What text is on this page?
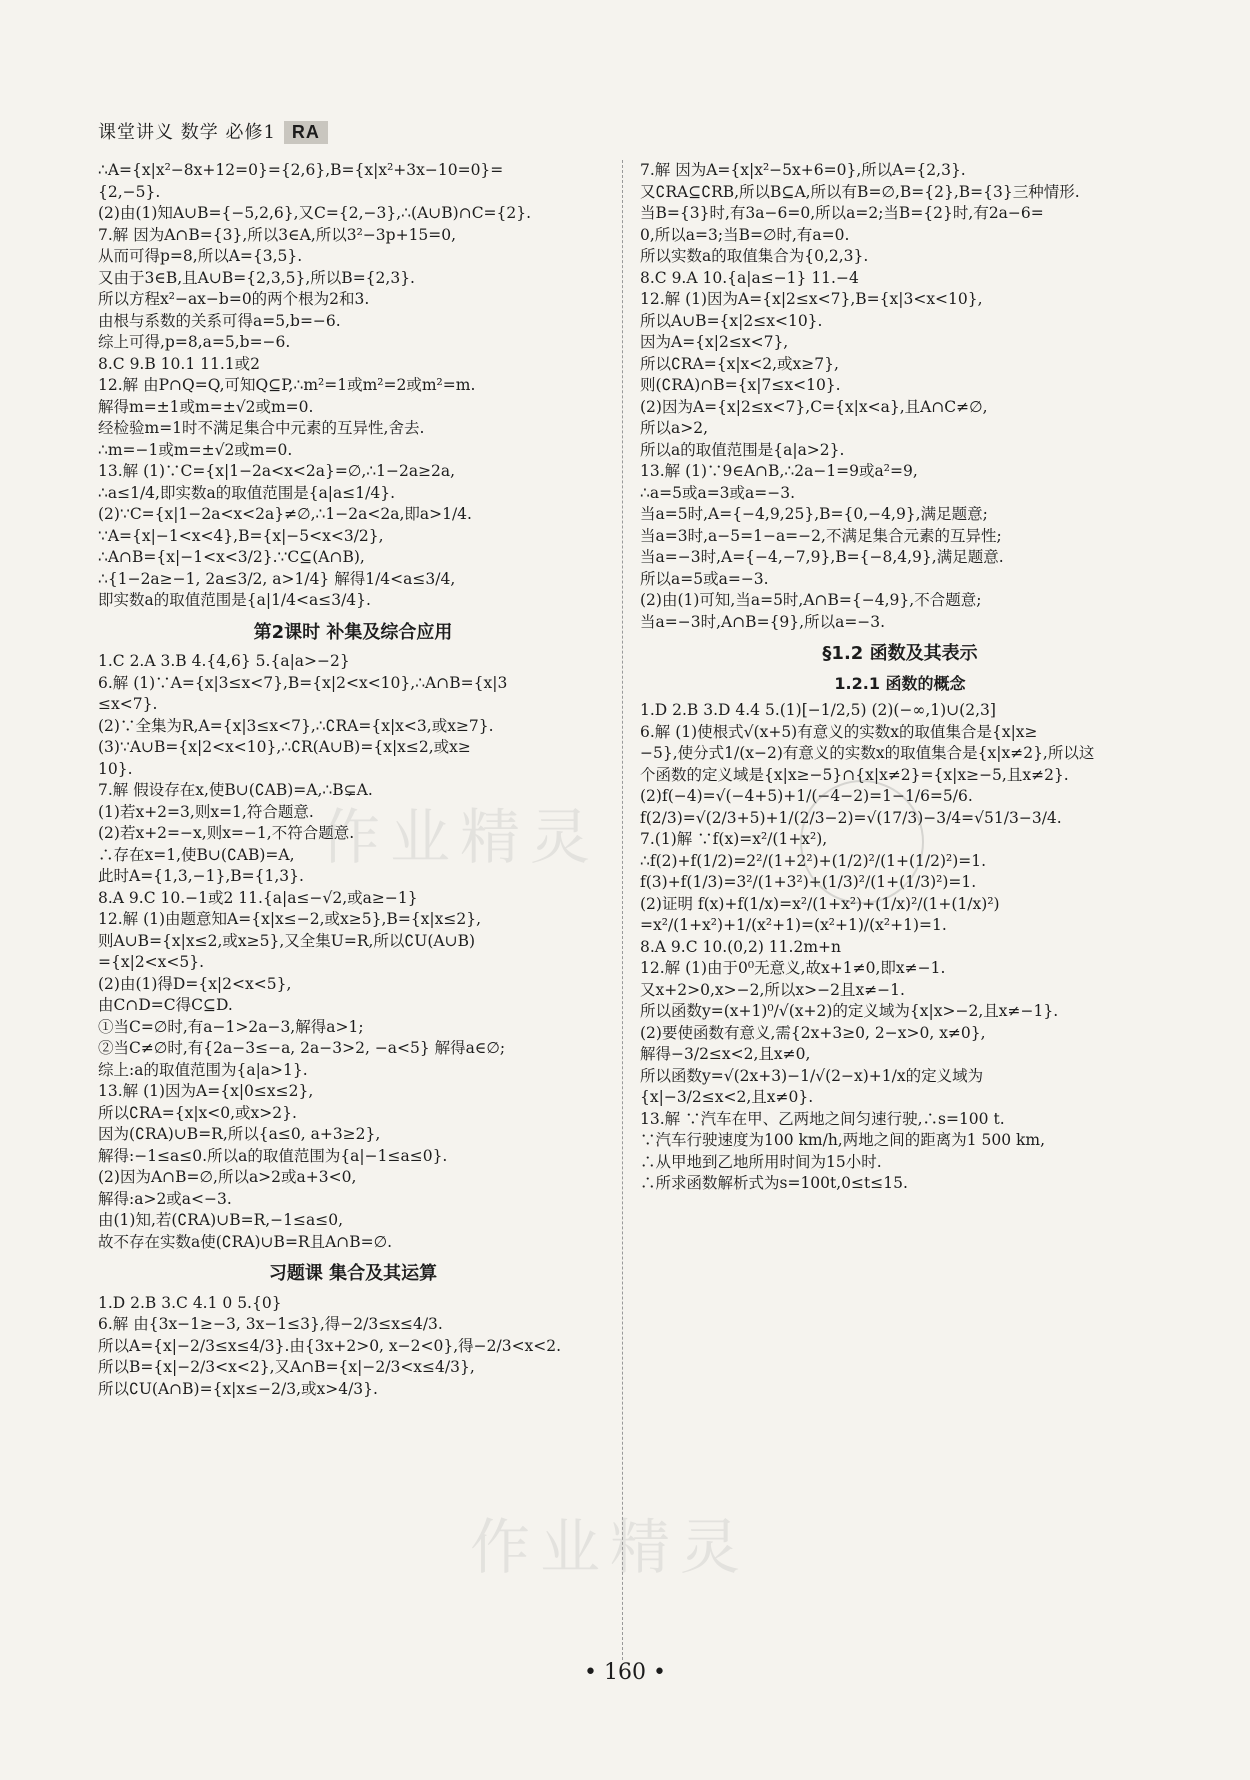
课堂讲义 数学 必修1 RA
∴A={x|x²−8x+12=0}={2,6},B={x|x²+3x−10=0}=
{2,−5}.
(2)由(1)知A∪B={−5,2,6},又C={2,−3},∴(A∪B)∩C={2}.
7.解 因为A∩B={3},所以3∈A,所以3²−3p+15=0,
从而可得p=8,所以A={3,5}.
又由于3∈B,且A∪B={2,3,5},所以B={2,3}.
所以方程x²−ax−b=0的两个根为2和3.
由根与系数的关系可得a=5,b=−6.
综上可得,p=8,a=5,b=−6.
8.C 9.B 10.1 11.1或2
12.解 由P∩Q=Q,可知Q⊆P,∴m²=1或m²=2或m²=m.
解得m=±1或m=±√2或m=0.
经检验m=1时不满足集合中元素的互异性,舍去.
∴m=−1或m=±√2或m=0.
13.解 (1)∵C={x|1−2a<x<2a}=∅,∴1−2a≥2a,
∴a≤1/4,即实数a的取值范围是{a|a≤1/4}.
(2)∵C={x|1−2a<x<2a}≠∅,∴1−2a<2a,即a>1/4.
∵A={x|−1<x<4},B={x|−5<x<3/2},
∴A∩B={x|−1<x<3/2}.∵C⊆(A∩B),
∴{1−2a≥−1, 2a≤3/2, a>1/4} 解得1/4<a≤3/4,
即实数a的取值范围是{a|1/4<a≤3/4}.
第2课时 补集及综合应用
1.C 2.A 3.B 4.{4,6} 5.{a|a>−2}
6.解 (1)∵A={x|3≤x<7},B={x|2<x<10},∴A∩B={x|3
≤x<7}.
(2)∵全集为R,A={x|3≤x<7},∴∁RA={x|x<3,或x≥7}.
(3)∵A∪B={x|2<x<10},∴∁R(A∪B)={x|x≤2,或x≥
10}.
7.解 假设存在x,使B∪(∁AB)=A,∴B⊊A.
(1)若x+2=3,则x=1,符合题意.
(2)若x+2=−x,则x=−1,不符合题意.
∴存在x=1,使B∪(∁AB)=A,
此时A={1,3,−1},B={1,3}.
8.A 9.C 10.−1或2 11.{a|a≤−√2,或a≥−1}
12.解 (1)由题意知A={x|x≤−2,或x≥5},B={x|x≤2},
则A∪B={x|x≤2,或x≥5},又全集U=R,所以∁U(A∪B)
={x|2<x<5}.
(2)由(1)得D={x|2<x<5},
由C∩D=C得C⊆D.
①当C=∅时,有a−1>2a−3,解得a>1;
②当C≠∅时,有{2a−3≤−a, 2a−3>2, −a<5} 解得a∈∅;
综上:a的取值范围为{a|a>1}.
13.解 (1)因为A={x|0≤x≤2},
所以∁RA={x|x<0,或x>2}.
因为(∁RA)∪B=R,所以{a≤0, a+3≥2},
解得:−1≤a≤0.所以a的取值范围为{a|−1≤a≤0}.
(2)因为A∩B=∅,所以a>2或a+3<0,
解得:a>2或a<−3.
由(1)知,若(∁RA)∪B=R,−1≤a≤0,
故不存在实数a使(∁RA)∪B=R且A∩B=∅.
习题课 集合及其运算
1.D 2.B 3.C 4.1 0 5.{0}
6.解 由{3x−1≥−3, 3x−1≤3},得−2/3≤x≤4/3.
所以A={x|−2/3≤x≤4/3}.由{3x+2>0, x−2<0},得−2/3<x<2.
所以B={x|−2/3<x<2},又A∩B={x|−2/3<x≤4/3},
所以∁U(A∩B)={x|x≤−2/3,或x>4/3}.
7.解 因为A={x|x²−5x+6=0},所以A={2,3}.
又∁RA⊆∁RB,所以B⊆A,所以有B=∅,B={2},B={3}三种情形.
当B={3}时,有3a−6=0,所以a=2;当B={2}时,有2a−6=
0,所以a=3;当B=∅时,有a=0.
所以实数a的取值集合为{0,2,3}.
8.C 9.A 10.{a|a≤−1} 11.−4
12.解 (1)因为A={x|2≤x<7},B={x|3<x<10},
所以A∪B={x|2≤x<10}.
因为A={x|2≤x<7},
所以∁RA={x|x<2,或x≥7},
则(∁RA)∩B={x|7≤x<10}.
(2)因为A={x|2≤x<7},C={x|x<a},且A∩C≠∅,
所以a>2,
所以a的取值范围是{a|a>2}.
13.解 (1)∵9∈A∩B,∴2a−1=9或a²=9,
∴a=5或a=3或a=−3.
当a=5时,A={−4,9,25},B={0,−4,9},满足题意;
当a=3时,a−5=1−a=−2,不满足集合元素的互异性;
当a=−3时,A={−4,−7,9},B={−8,4,9},满足题意.
所以a=5或a=−3.
(2)由(1)可知,当a=5时,A∩B={−4,9},不合题意;
当a=−3时,A∩B={9},所以a=−3.
§1.2 函数及其表示
1.2.1 函数的概念
1.D 2.B 3.D 4.4 5.(1)[−1/2,5) (2)(−∞,1)∪(2,3]
6.解 (1)使根式√(x+5)有意义的实数x的取值集合是{x|x≥
−5},使分式1/(x−2)有意义的实数x的取值集合是{x|x≠2},所以这
个函数的定义域是{x|x≥−5}∩{x|x≠2}={x|x≥−5,且x≠2}.
(2)f(−4)=√(−4+5)+1/(−4−2)=1−1/6=5/6.
f(2/3)=√(2/3+5)+1/(2/3−2)=√(17/3)−3/4=√51/3−3/4.
7.(1)解 ∵f(x)=x²/(1+x²),
∴f(2)+f(1/2)=2²/(1+2²)+(1/2)²/(1+(1/2)²)=1.
f(3)+f(1/3)=3²/(1+3²)+(1/3)²/(1+(1/3)²)=1.
(2)证明 f(x)+f(1/x)=x²/(1+x²)+(1/x)²/(1+(1/x)²)
=x²/(1+x²)+1/(x²+1)=(x²+1)/(x²+1)=1.
8.A 9.C 10.(0,2) 11.2m+n
12.解 (1)由于0⁰无意义,故x+1≠0,即x≠−1.
又x+2>0,x>−2,所以x>−2且x≠−1.
所以函数y=(x+1)⁰/√(x+2)的定义域为{x|x>−2,且x≠−1}.
(2)要使函数有意义,需{2x+3≥0, 2−x>0, x≠0},
解得−3/2≤x<2,且x≠0,
所以函数y=√(2x+3)−1/√(2−x)+1/x的定义域为
{x|−3/2≤x<2,且x≠0}.
13.解 ∵汽车在甲、乙两地之间匀速行驶,∴s=100 t.
∵汽车行驶速度为100 km/h,两地之间的距离为1 500 km,
∴从甲地到乙地所用时间为15小时.
∴所求函数解析式为s=100t,0≤t≤15.
作业精灵
作业精灵
• 160 •
